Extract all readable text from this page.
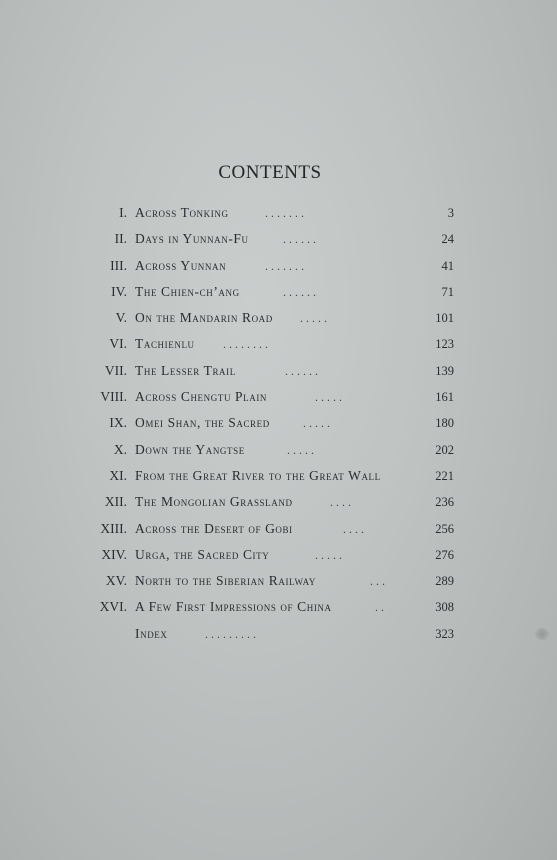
CONTENTS
I. Across Tonking	. . . . . . .	3
II. Days in Yunnan-Fu	. . . . . .	24
III. Across Yunnan	. . . . . . .	41
IV. The Chien-ch’ang	. . . . . .	71
V. On the Mandarin Road . . . . .	101
VI. Tachienlu . . . . . . . .	123
VII. The Lesser Trail	. . . . . .	139
VIII. Across Chengtu Plain	. . . . .	161
IX. Omei Shan, the Sacred	. . . . .	180
X. Down the Yangtse	. . . . .	202
XI. From the Great River to the Great Wall	221
XII. The Mongolian Grassland	. . . .	236
XIII. Across the Desert of Gobi	. . . .	256
XIV. Urga, the Sacred City	. . . . .	276
XV. North to the Siberian Railway	. . .	289
XVI. A Few First Impressions of China	. .	308
Index	. . . . . . . . .	323
